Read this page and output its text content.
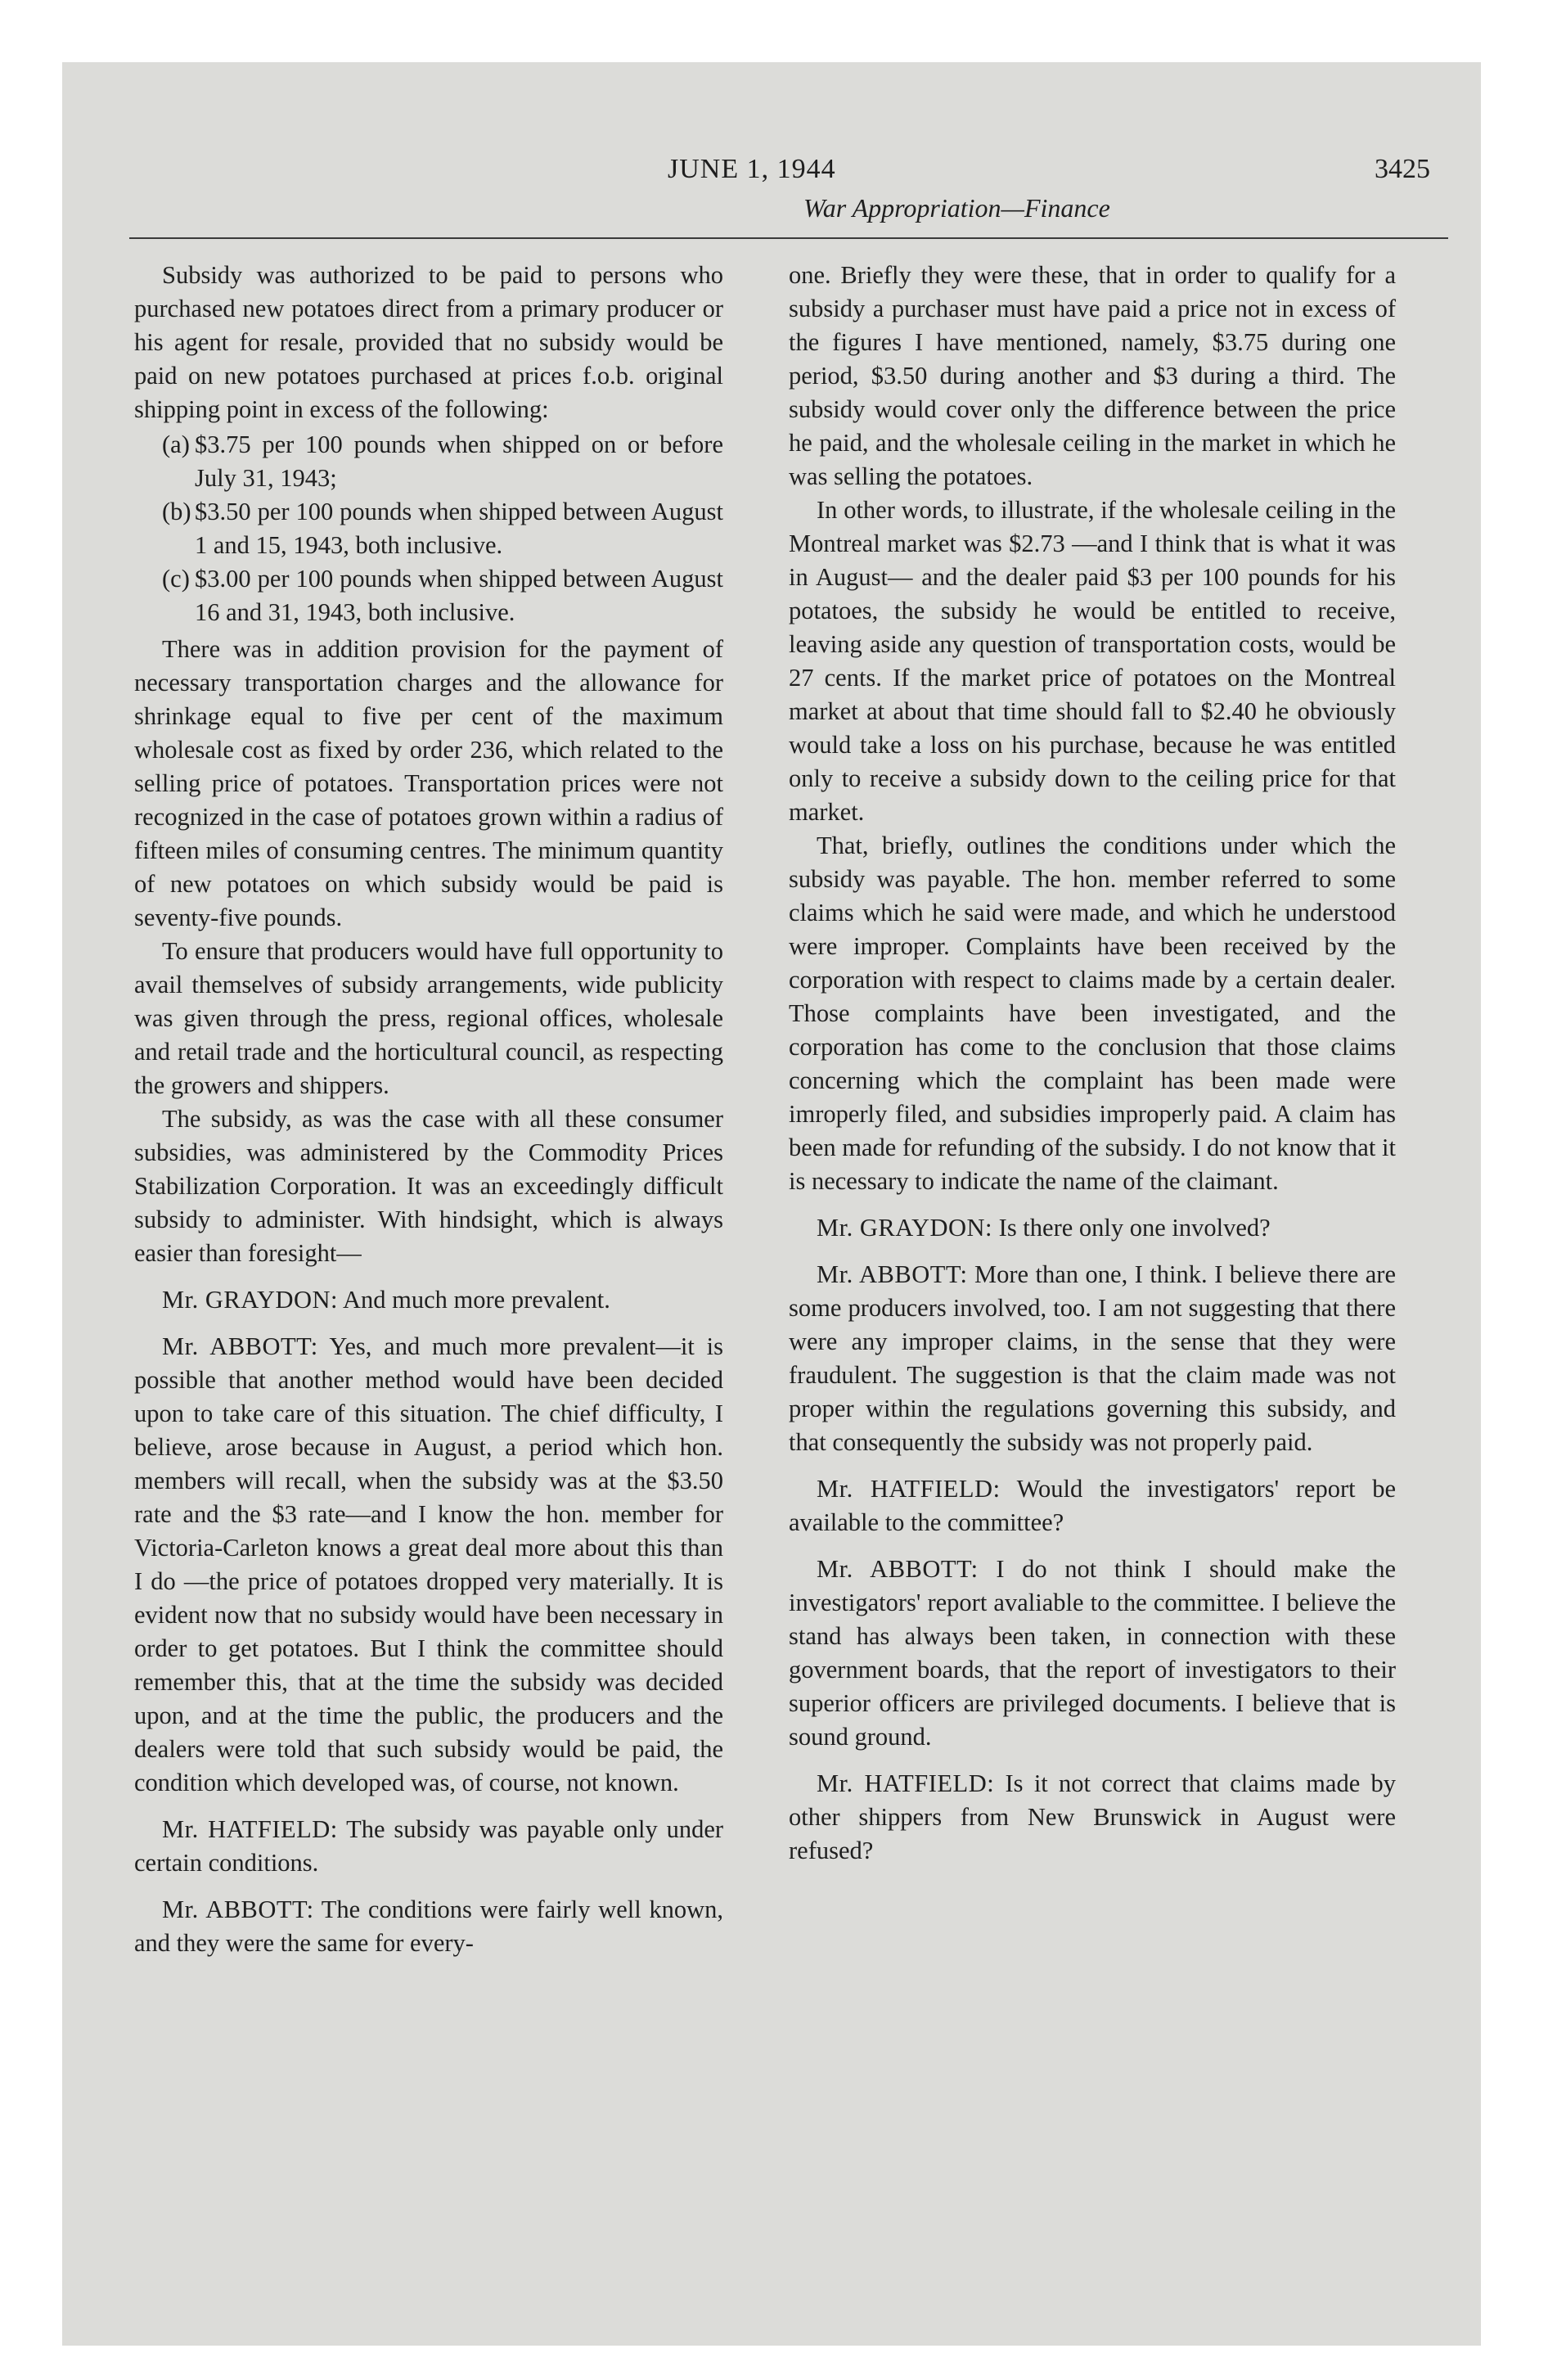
JUNE 1, 1944
War Appropriation—Finance
3425

Subsidy was authorized to be paid to persons who purchased new potatoes direct from a primary producer or his agent for resale, provided that no subsidy would be paid on new potatoes purchased at prices f.o.b. original shipping point in excess of the following:

(a) $3.75 per 100 pounds when shipped on or before July 31, 1943;
(b) $3.50 per 100 pounds when shipped between August 1 and 15, 1943, both inclusive.
(c) $3.00 per 100 pounds when shipped between August 16 and 31, 1943, both inclusive.

There was in addition provision for the payment of necessary transportation charges and the allowance for shrinkage equal to five per cent of the maximum wholesale cost as fixed by order 236, which related to the selling price of potatoes. Transportation prices were not recognized in the case of potatoes grown within a radius of fifteen miles of consuming centres. The minimum quantity of new potatoes on which subsidy would be paid is seventy-five pounds.

To ensure that producers would have full opportunity to avail themselves of subsidy arrangements, wide publicity was given through the press, regional offices, wholesale and retail trade and the horticultural council, as respecting the growers and shippers.

The subsidy, as was the case with all these consumer subsidies, was administered by the Commodity Prices Stabilization Corporation. It was an exceedingly difficult subsidy to administer. With hindsight, which is always easier than foresight—

Mr. GRAYDON: And much more prevalent.

Mr. ABBOTT: Yes, and much more prevalent—it is possible that another method would have been decided upon to take care of this situation. The chief difficulty, I believe, arose because in August, a period which hon. members will recall, when the subsidy was at the $3.50 rate and the $3 rate—and I know the hon. member for Victoria-Carleton knows a great deal more about this than I do —the price of potatoes dropped very materially. It is evident now that no subsidy would have been necessary in order to get potatoes. But I think the committee should remember this, that at the time the subsidy was decided upon, and at the time the public, the producers and the dealers were told that such subsidy would be paid, the condition which developed was, of course, not known.

Mr. HATFIELD: The subsidy was payable only under certain conditions.

Mr. ABBOTT: The conditions were fairly well known, and they were the same for every-

one. Briefly they were these, that in order to qualify for a subsidy a purchaser must have paid a price not in excess of the figures I have mentioned, namely, $3.75 during one period, $3.50 during another and $3 during a third. The subsidy would cover only the difference between the price he paid, and the wholesale ceiling in the market in which he was selling the potatoes.

In other words, to illustrate, if the wholesale ceiling in the Montreal market was $2.73 —and I think that is what it was in August— and the dealer paid $3 per 100 pounds for his potatoes, the subsidy he would be entitled to receive, leaving aside any question of transportation costs, would be 27 cents. If the market price of potatoes on the Montreal market at about that time should fall to $2.40 he obviously would take a loss on his purchase, because he was entitled only to receive a subsidy down to the ceiling price for that market.

That, briefly, outlines the conditions under which the subsidy was payable. The hon. member referred to some claims which he said were made, and which he understood were improper. Complaints have been received by the corporation with respect to claims made by a certain dealer. Those complaints have been investigated, and the corporation has come to the conclusion that those claims concerning which the complaint has been made were imroperly filed, and subsidies improperly paid. A claim has been made for refunding of the subsidy. I do not know that it is necessary to indicate the name of the claimant.

Mr. GRAYDON: Is there only one involved?

Mr. ABBOTT: More than one, I think. I believe there are some producers involved, too. I am not suggesting that there were any improper claims, in the sense that they were fraudulent. The suggestion is that the claim made was not proper within the regulations governing this subsidy, and that consequently the subsidy was not properly paid.

Mr. HATFIELD: Would the investigators' report be available to the committee?

Mr. ABBOTT: I do not think I should make the investigators' report avaliable to the committee. I believe the stand has always been taken, in connection with these government boards, that the report of investigators to their superior officers are privileged documents. I believe that is sound ground.

Mr. HATFIELD: Is it not correct that claims made by other shippers from New Brunswick in August were refused?
